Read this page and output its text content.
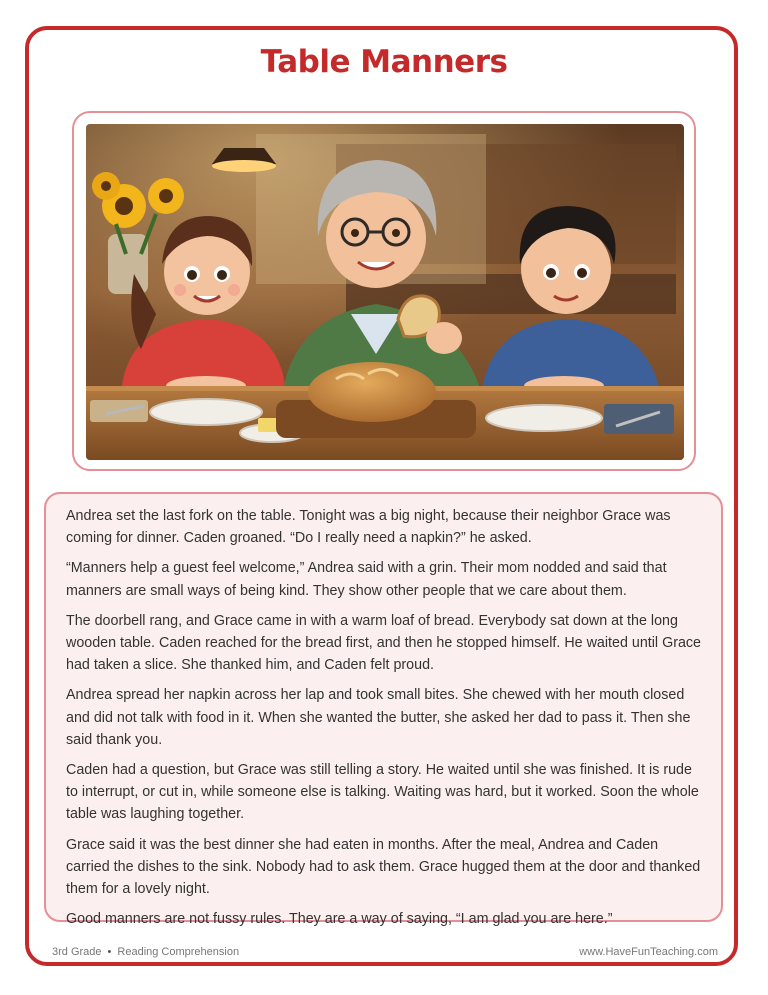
Table Manners

Andrea set the last fork on the table. Tonight was a big night, because their neighbor Grace was coming for dinner. Caden groaned. “Do I really need a napkin?” he asked.

“Manners help a guest feel welcome,” Andrea said with a grin. Their mom nodded and said that manners are small ways of being kind. They show other people that we care about them.

The doorbell rang, and Grace came in with a warm loaf of bread. Everybody sat down at the long wooden table. Caden reached for the bread first, and then he stopped himself. He waited until Grace had taken a slice. She thanked him, and Caden felt proud.

Andrea spread her napkin across her lap and took small bites. She chewed with her mouth closed and did not talk with food in it. When she wanted the butter, she asked her dad to pass it. Then she said thank you.

Caden had a question, but Grace was still telling a story. He waited until she was finished. It is rude to interrupt, or cut in, while someone else is talking. Waiting was hard, but it worked. Soon the whole table was laughing together.

Grace said it was the best dinner she had eaten in months. After the meal, Andrea and Caden carried the dishes to the sink. Nobody had to ask them. Grace hugged them at the door and thanked them for a lovely night.

Good manners are not fussy rules. They are a way of saying, “I am glad you are here.”

3rd Grade • Reading Comprehension	www.HaveFunTeaching.com
